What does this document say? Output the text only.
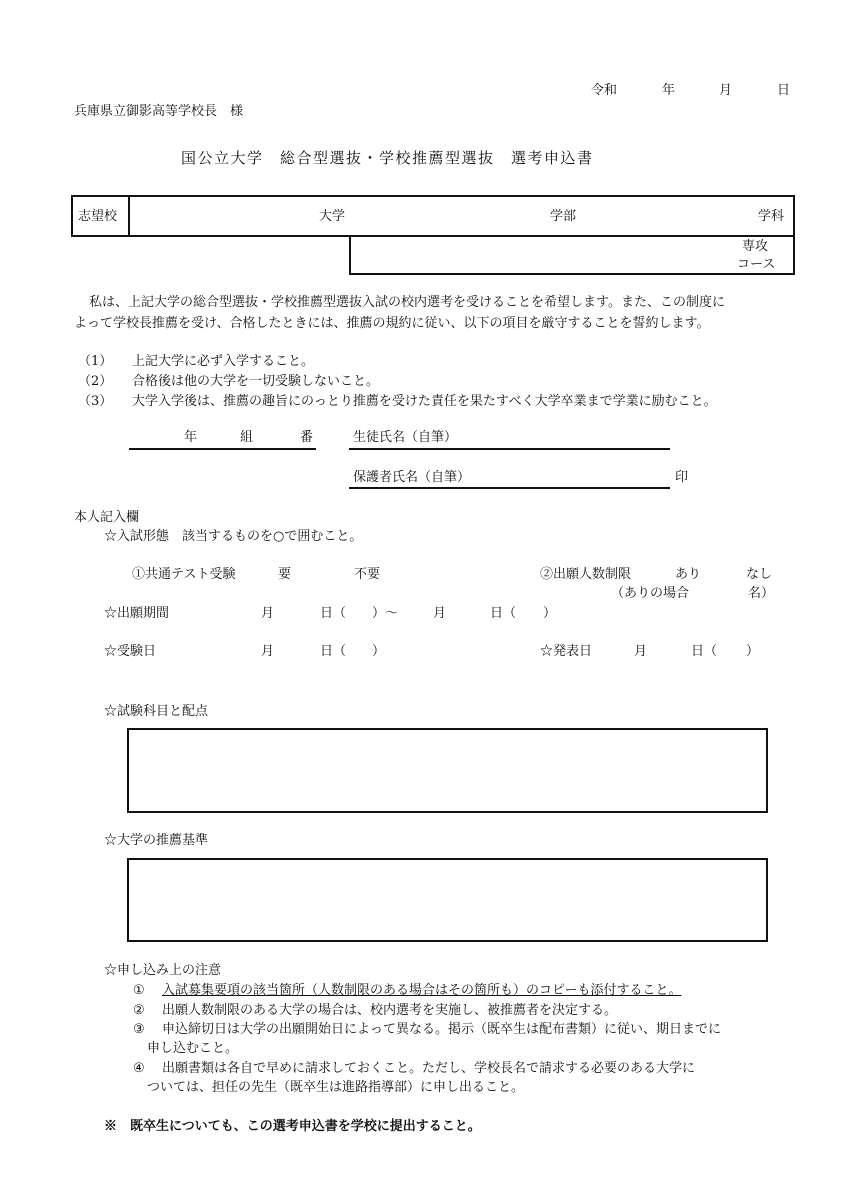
令和	年	月	日
兵庫県立御影高等学校長　様
国公立大学　総合型選抜・学校推薦型選抜　選考申込書
志望校	大学	学部	学科
専攻
コース
私は、上記大学の総合型選抜・学校推薦型選抜入試の校内選考を受けることを希望します。また、この制度に
よって学校長推薦を受け、合格したときには、推薦の規約に従い、以下の項目を厳守することを誓約します。
（1） 上記大学に必ず入学すること。
（2） 合格後は他の大学を一切受験しないこと。
（3） 大学入学後は、推薦の趣旨にのっとり推薦を受けた責任を果たすべく大学卒業まで学業に励むこと。
年	組	番	生徒氏名（自筆）
保護者氏名（自筆）	印
本人記入欄
☆入試形態　該当するものを○で囲むこと。
①共通テスト受験	要	不要	②出願人数制限	あり	なし
（ありの場合	名）
☆出願期間	月	日（ ）～	月	日（ ）
☆受験日	月	日（ ）	☆発表日	月	日（ ）
☆試験科目と配点
☆大学の推薦基準
☆申し込み上の注意
① 入試募集要項の該当箇所（人数制限のある場合はその箇所も）のコピーも添付すること。
② 出願人数制限のある大学の場合は、校内選考を実施し、被推薦者を決定する。
③ 申込締切日は大学の出願開始日によって異なる。掲示（既卒生は配布書類）に従い、期日までに
申し込むこと。
④ 出願書類は各自で早めに請求しておくこと。ただし、学校長名で請求する必要のある大学に
ついては、担任の先生（既卒生は進路指導部）に申し出ること。
※　既卒生についても、この選考申込書を学校に提出すること。
